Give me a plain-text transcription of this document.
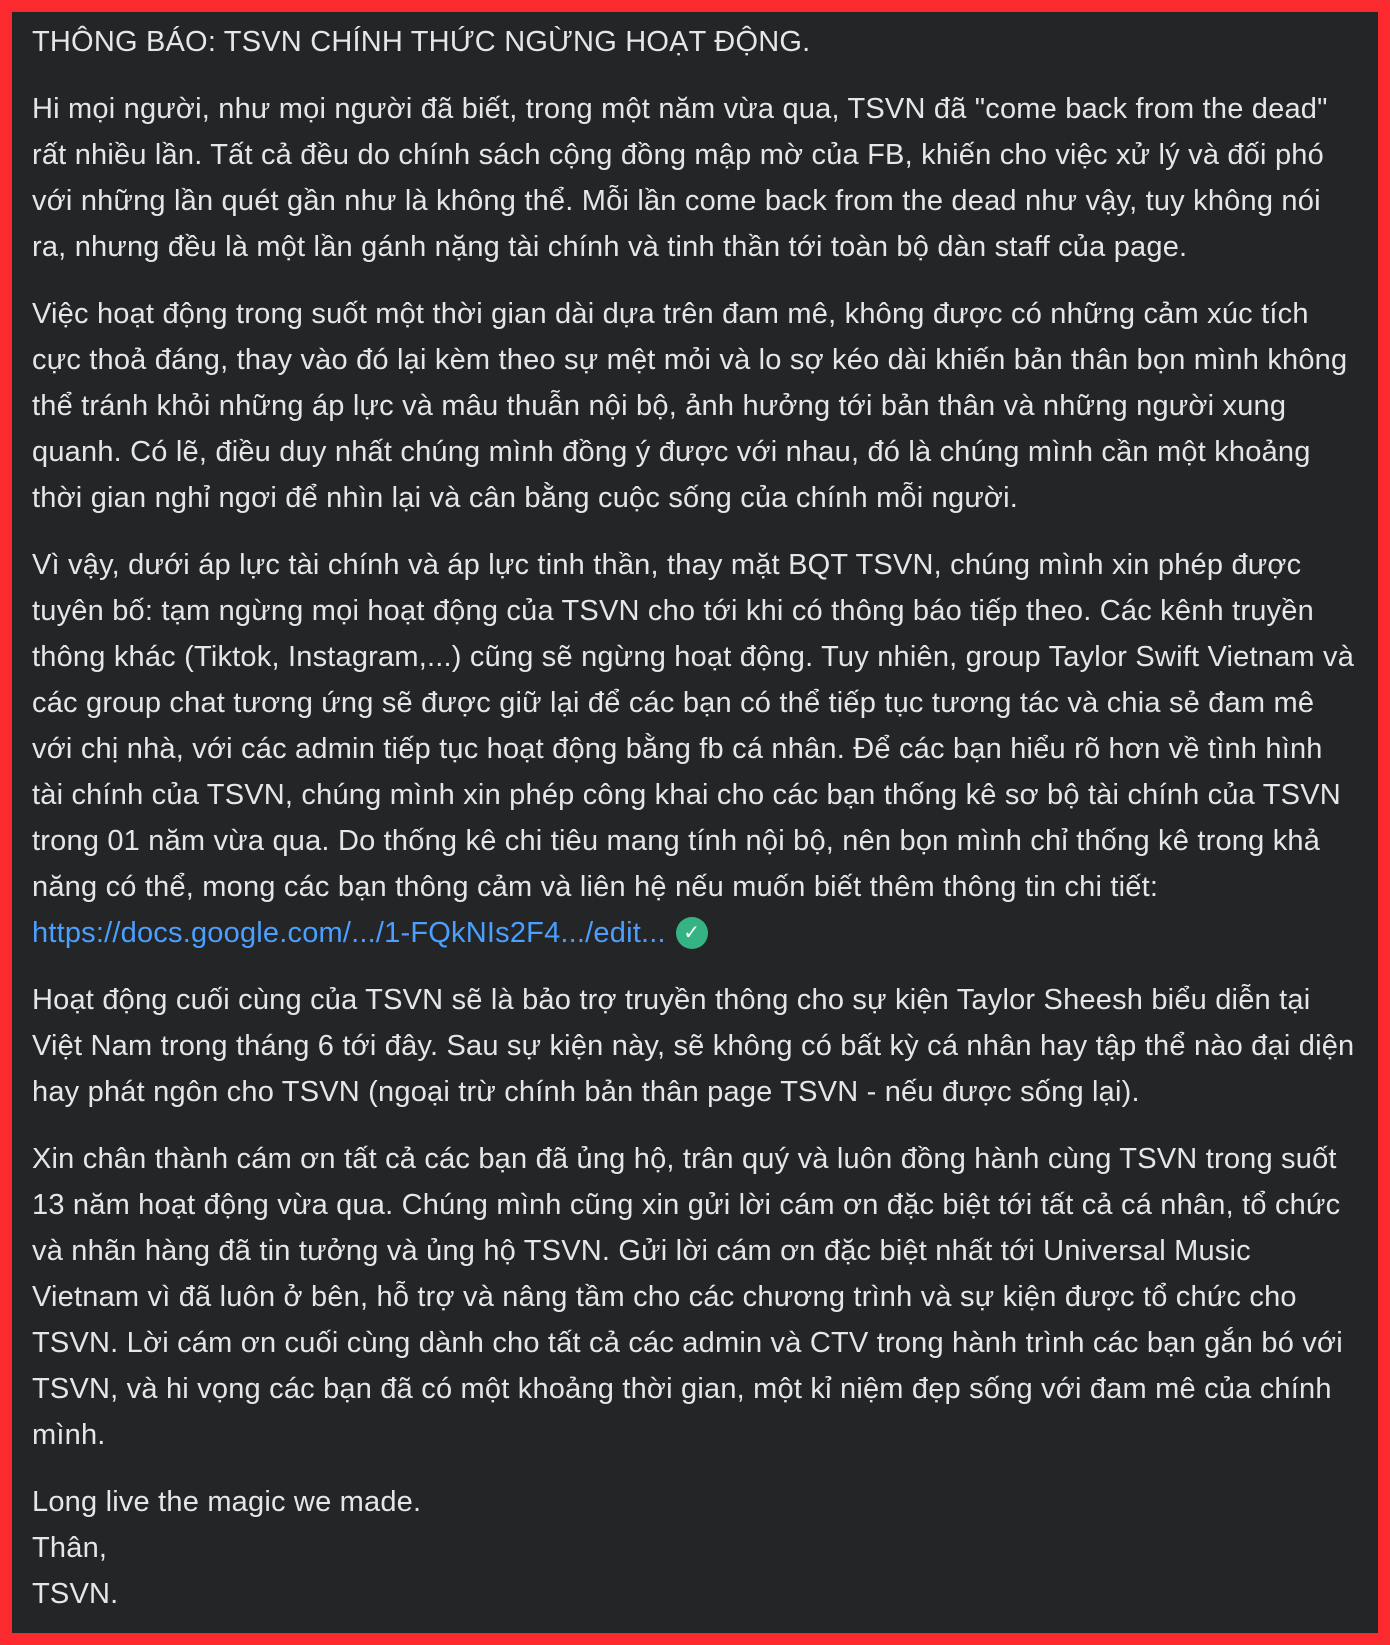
THÔNG BÁO: TSVN CHÍNH THỨC NGỪNG HOẠT ĐỘNG.

Hi mọi người, như mọi người đã biết, trong một năm vừa qua, TSVN đã "come back from the dead" rất nhiều lần. Tất cả đều do chính sách cộng đồng mập mờ của FB, khiến cho việc xử lý và đối phó với những lần quét gần như là không thể. Mỗi lần come back from the dead như vậy, tuy không nói ra, nhưng đều là một lần gánh nặng tài chính và tinh thần tới toàn bộ dàn staff của page.

Việc hoạt động trong suốt một thời gian dài dựa trên đam mê, không được có những cảm xúc tích cực thoả đáng, thay vào đó lại kèm theo sự mệt mỏi và lo sợ kéo dài khiến bản thân bọn mình không thể tránh khỏi những áp lực và mâu thuẫn nội bộ, ảnh hưởng tới bản thân và những người xung quanh. Có lẽ, điều duy nhất chúng mình đồng ý được với nhau, đó là chúng mình cần một khoảng thời gian nghỉ ngơi để nhìn lại và cân bằng cuộc sống của chính mỗi người.

Vì vậy, dưới áp lực tài chính và áp lực tinh thần, thay mặt BQT TSVN, chúng mình xin phép được tuyên bố: tạm ngừng mọi hoạt động của TSVN cho tới khi có thông báo tiếp theo. Các kênh truyền thông khác (Tiktok, Instagram,...) cũng sẽ ngừng hoạt động. Tuy nhiên, group Taylor Swift Vietnam và các group chat tương ứng sẽ được giữ lại để các bạn có thể tiếp tục tương tác và chia sẻ đam mê với chị nhà, với các admin tiếp tục hoạt động bằng fb cá nhân. Để các bạn hiểu rõ hơn về tình hình tài chính của TSVN, chúng mình xin phép công khai cho các bạn thống kê sơ bộ tài chính của TSVN trong 01 năm vừa qua. Do thống kê chi tiêu mang tính nội bộ, nên bọn mình chỉ thống kê trong khả năng có thể, mong các bạn thông cảm và liên hệ nếu muốn biết thêm thông tin chi tiết:

https://docs.google.com/.../1-FQkNIs2F4.../edit... ✓

Hoạt động cuối cùng của TSVN sẽ là bảo trợ truyền thông cho sự kiện Taylor Sheesh biểu diễn tại Việt Nam trong tháng 6 tới đây. Sau sự kiện này, sẽ không có bất kỳ cá nhân hay tập thể nào đại diện hay phát ngôn cho TSVN (ngoại trừ chính bản thân page TSVN - nếu được sống lại).

Xin chân thành cám ơn tất cả các bạn đã ủng hộ, trân quý và luôn đồng hành cùng TSVN trong suốt 13 năm hoạt động vừa qua. Chúng mình cũng xin gửi lời cám ơn đặc biệt tới tất cả cá nhân, tổ chức và nhãn hàng đã tin tưởng và ủng hộ TSVN. Gửi lời cám ơn đặc biệt nhất tới Universal Music Vietnam vì đã luôn ở bên, hỗ trợ và nâng tầm cho các chương trình và sự kiện được tổ chức cho TSVN. Lời cám ơn cuối cùng dành cho tất cả các admin và CTV trong hành trình các bạn gắn bó với TSVN, và hi vọng các bạn đã có một khoảng thời gian, một kỉ niệm đẹp sống với đam mê của chính mình.

Long live the magic we made.
Thân,
TSVN.
